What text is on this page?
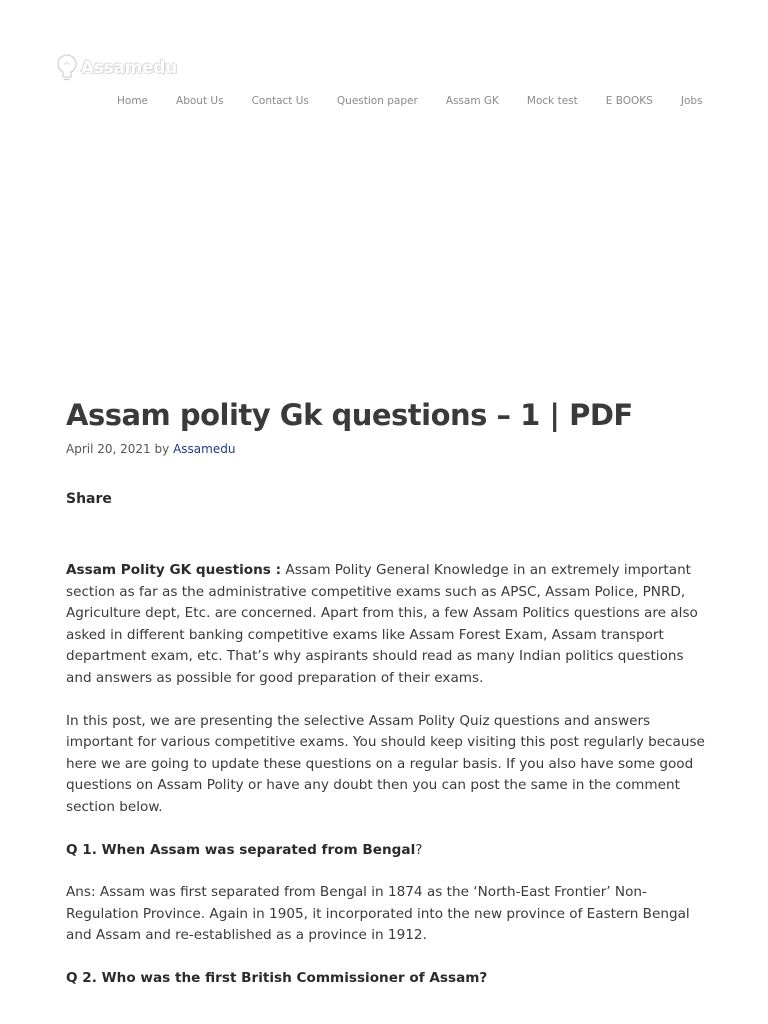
Assamedu
Home	About Us	Contact Us	Question paper	Assam GK	Mock test	E BOOKS	Jobs
Assam polity Gk questions – 1 | PDF
April 20, 2021 by Assamedu
Share

Assam Polity GK questions : Assam Polity General Knowledge in an extremely important section as far as the administrative competitive exams such as APSC, Assam Police, PNRD, Agriculture dept, Etc. are concerned. Apart from this, a few Assam Politics questions are also asked in different banking competitive exams like Assam Forest Exam, Assam transport department exam, etc. That’s why aspirants should read as many Indian politics questions and answers as possible for good preparation of their exams.

In this post, we are presenting the selective Assam Polity Quiz questions and answers important for various competitive exams. You should keep visiting this post regularly because here we are going to update these questions on a regular basis. If you also have some good questions on Assam Polity or have any doubt then you can post the same in the comment section below.

Q 1. When Assam was separated from Bengal?

Ans: Assam was first separated from Bengal in 1874 as the ‘North-East Frontier’ Non-Regulation Province. Again in 1905, it incorporated into the new province of Eastern Bengal and Assam and re-established as a province in 1912.

Q 2. Who was the first British Commissioner of Assam?
